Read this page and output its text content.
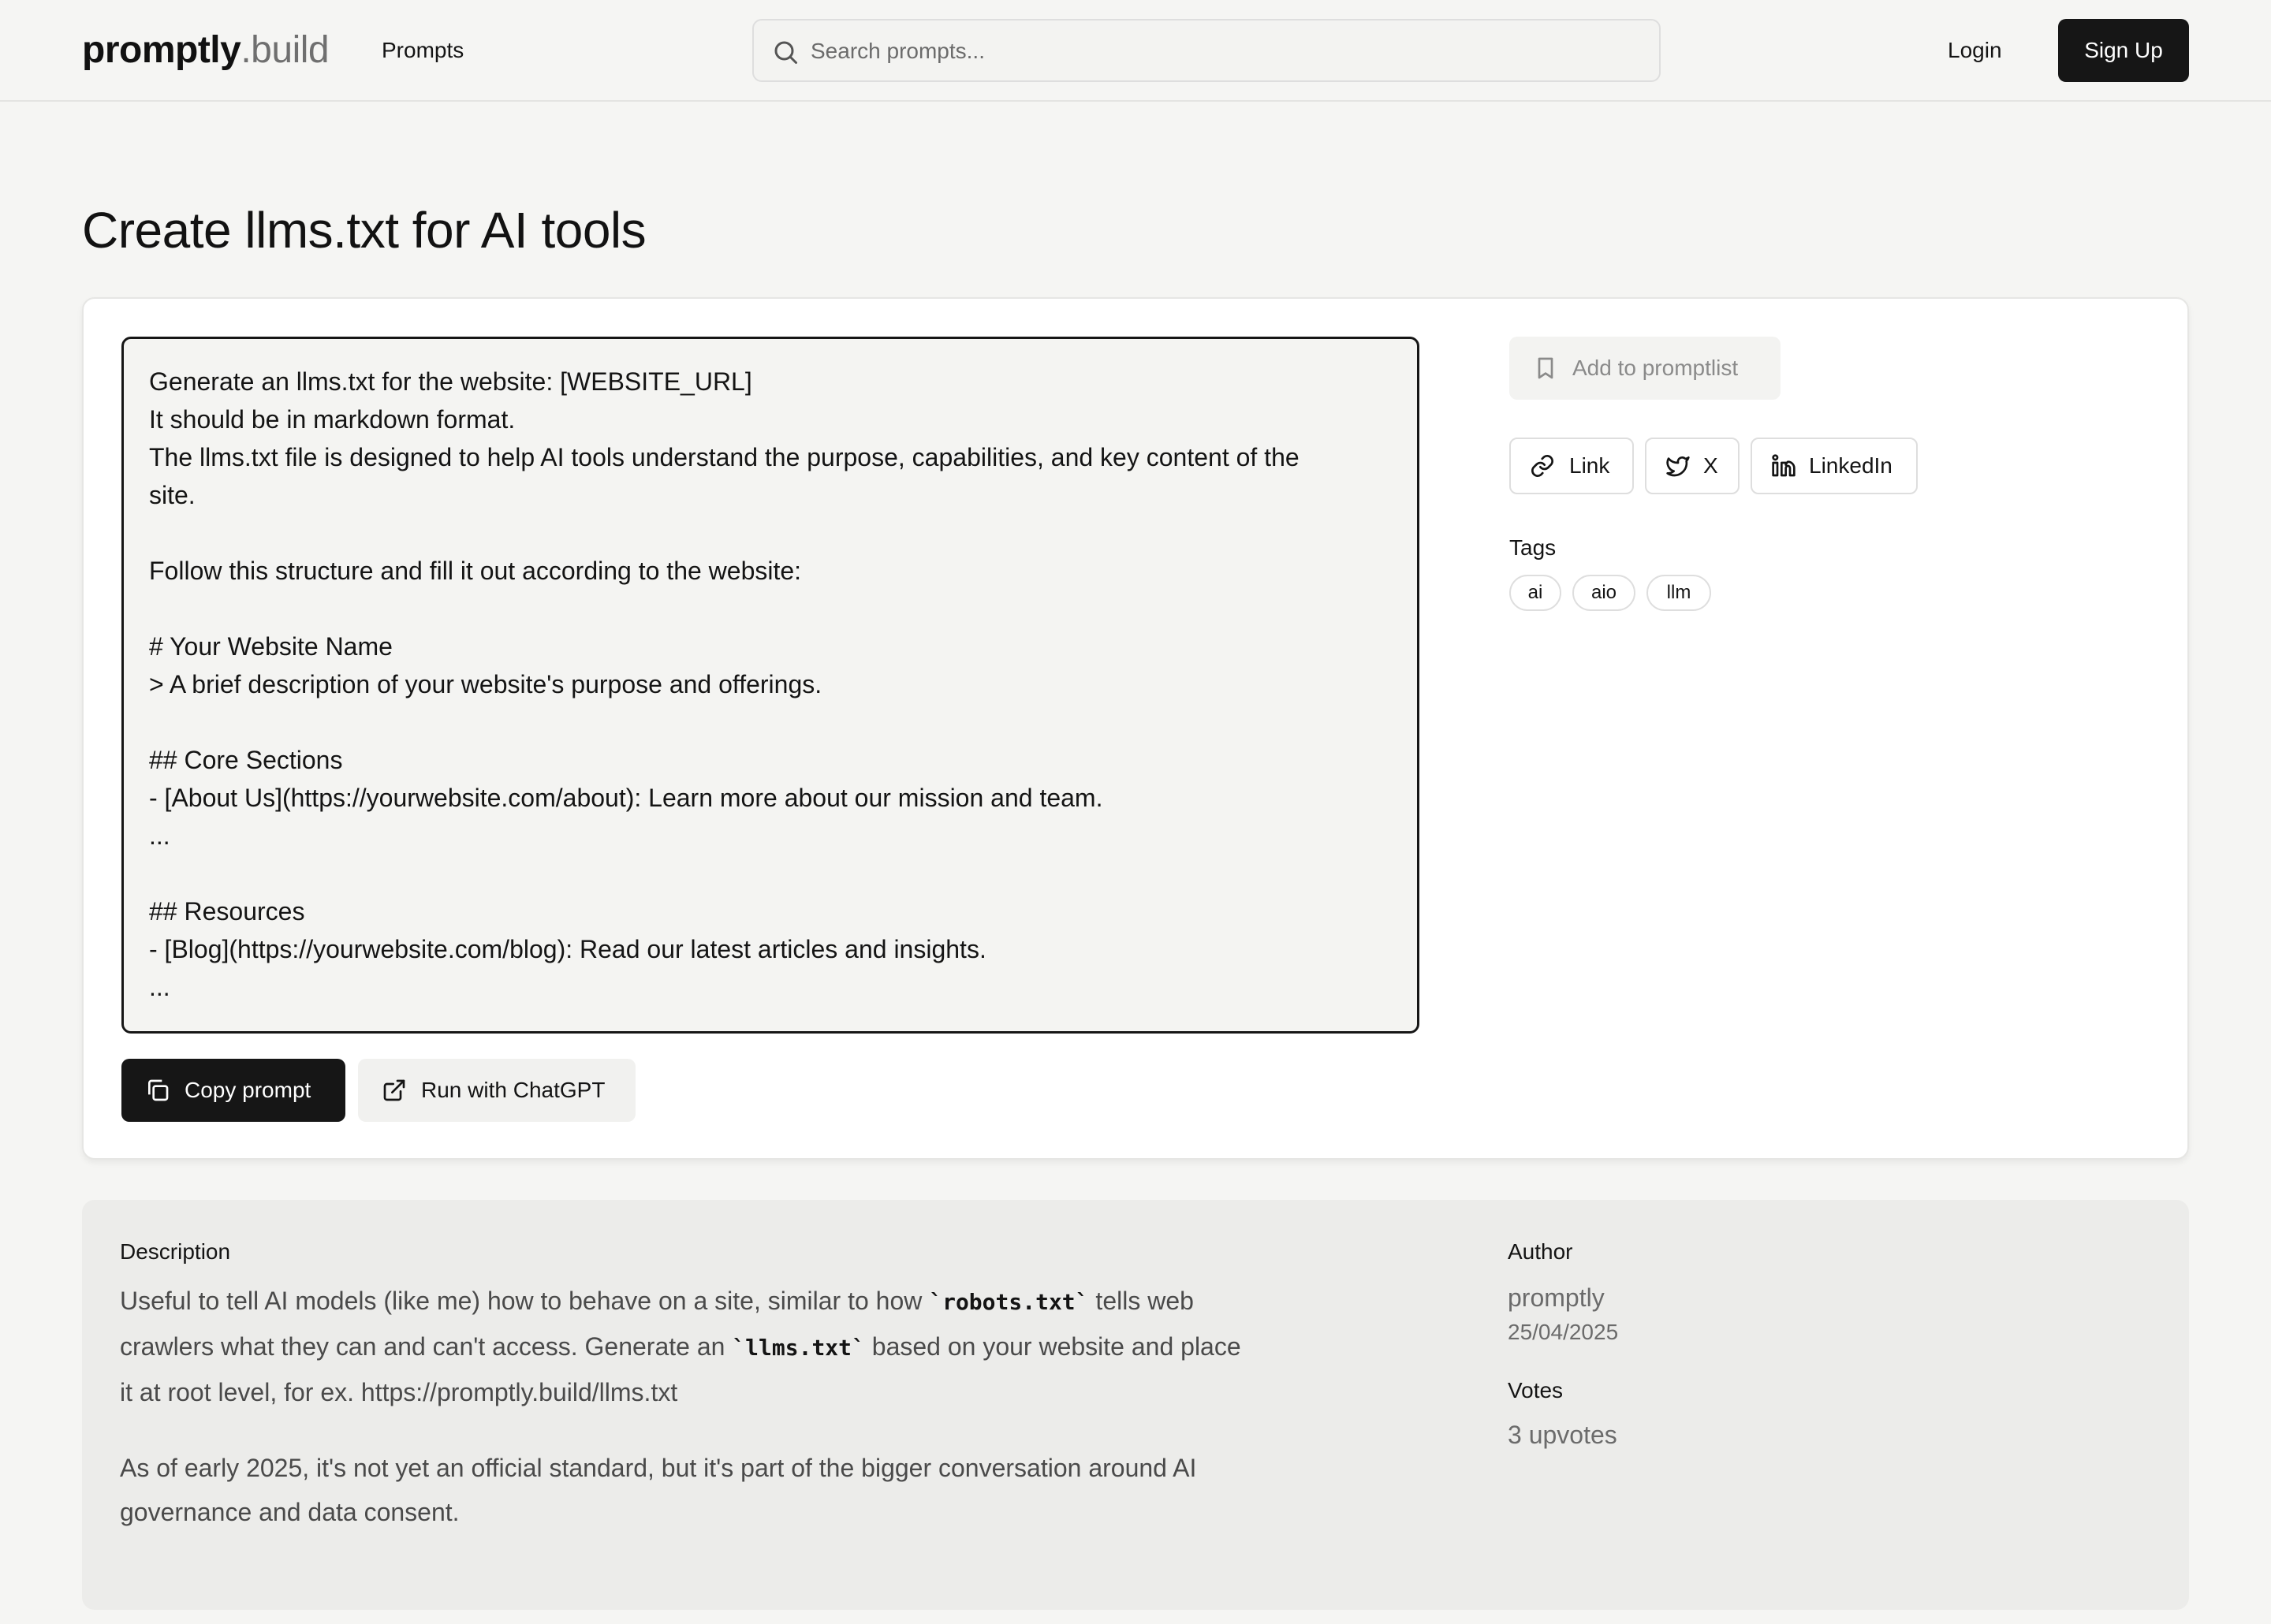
promptly.build Prompts
Search prompts...	Login	Sign Up
Create llms.txt for AI tools
Generate an llms.txt for the website: [WEBSITE_URL]
It should be in markdown format.
The llms.txt file is designed to help AI tools understand the purpose, capabilities, and key content of the
site.
Follow this structure and fill it out according to the website:
# Your Website Name
> A brief description of your website's purpose and offerings.
## Core Sections
- [About Us](https://yourwebsite.com/about): Learn more about our mission and team.
...
## Resources
- [Blog](https://yourwebsite.com/blog): Read our latest articles and insights.
...
Copy prompt	Run with ChatGPT
Add to promptlist
Link	X	LinkedIn
Tags
ai	aio	llm
Description

Useful to tell AI models (like me) how to behave on a site, similar to how `robots.txt` tells web crawlers what they can and can't access. Generate an `llms.txt` based on your website and place it at root level, for ex. https://promptly.build/llms.txt

As of early 2025, it's not yet an official standard, but it's part of the bigger conversation around AI governance and data consent.

Author
promptly
25/04/2025
Votes
3 upvotes
